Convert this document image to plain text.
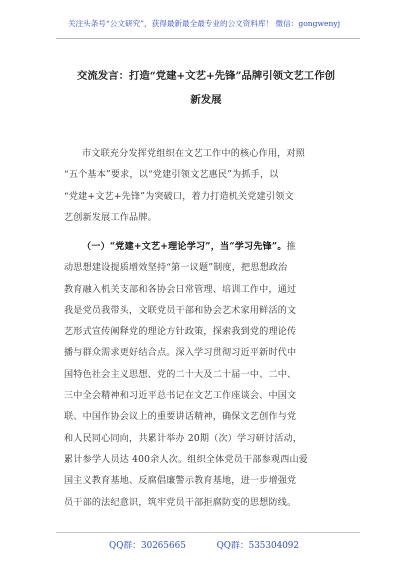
关注头条号“公文研究”，获得最新最全最专业的公文资料库！ 微信：gongwenyj
交流发言：打造“党建+文艺+先锋”品牌引领文艺工作创
新发展
市文联充分发挥党组织在文艺工作中的核心作用，对照
“五个基本”要求，以“党建引领文艺惠民”为抓手，以
“党建+文艺+先锋”为突破口，着力打造机关党建引领文
艺创新发展工作品牌。
（一）“党建+文艺+理论学习”，当“学习先锋”。推
动思想建设提质增效坚持“第一议题”制度，把思想政治
教育融入机关支部和各协会日常管理、培训工作中，通过
我是党员我带头，文联党员干部和协会艺术家用鲜活的文
艺形式宣传阐释党的理论方针政策，探索我到党的理论传
播与群众需求更好结合点。深入学习贯彻习近平新时代中
国特色社会主义思想、党的二十大及二十届一中、二中、
三中全会精神和习近平总书记在文艺工作座谈会、中国文
联、中国作协会议上的重要讲话精神，确保文艺创作与党
和人民同心同向，共累计举办 20期（次）学习研讨活动，
累计参学人员达 400余人次。组织全体党员干部参观西山爱
国主义教育基地、反腐倡廉警示教育基地，进一步增强党
员干部的法纪意识，筑牢党员干部拒腐防变的思想防线。
QQ群：30265665	QQ群：535304092
